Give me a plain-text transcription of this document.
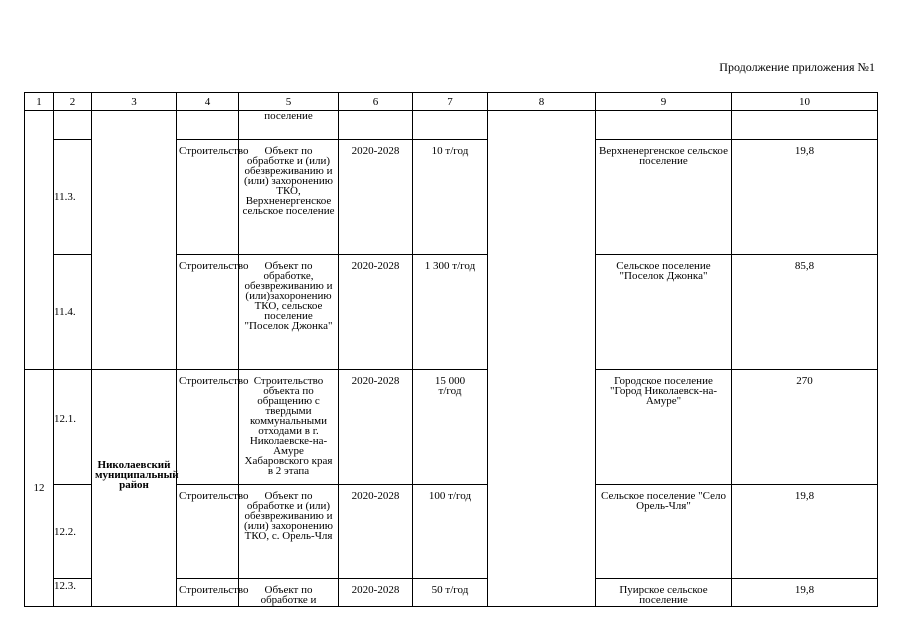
Продолжение приложения №1
1	2	3	4	5	6	7	8	9	10

				поселение					

	11.3.		Строительство	Объект по обработке и (или) обезвреживанию и (или) захоронению ТКО, Верхненергенское сельское поселение	2020-2028	10 т/год		Верхненергенское сельское поселение	19,8

	11.4.		Строительство	Объект по обработке, обезвреживанию и (или)захоронению ТКО, сельское поселение "Поселок Джонка"	2020-2028	1 300 т/год		Сельское поселение "Поселок Джонка"	85,8

12	12.1.	Николаевский муниципальный район	Строительство	Строительство объекта по обращению с твердыми коммунальными отходами в г. Николаевске-на-Амуре Хабаровского края в 2 этапа	2020-2028	15 000 т/год		Городское поселение "Город Николаевск-на-Амуре"	270

	12.2.		Строительство	Объект по обработке и (или) обезвреживанию и (или) захоронению ТКО, с. Орель-Чля	2020-2028	100 т/год		Сельское поселение "Село Орель-Чля"	19,8

	12.3.		Строительство	Объект по обработке и	2020-2028	50 т/год		Пуирское сельское поселение	19,8
